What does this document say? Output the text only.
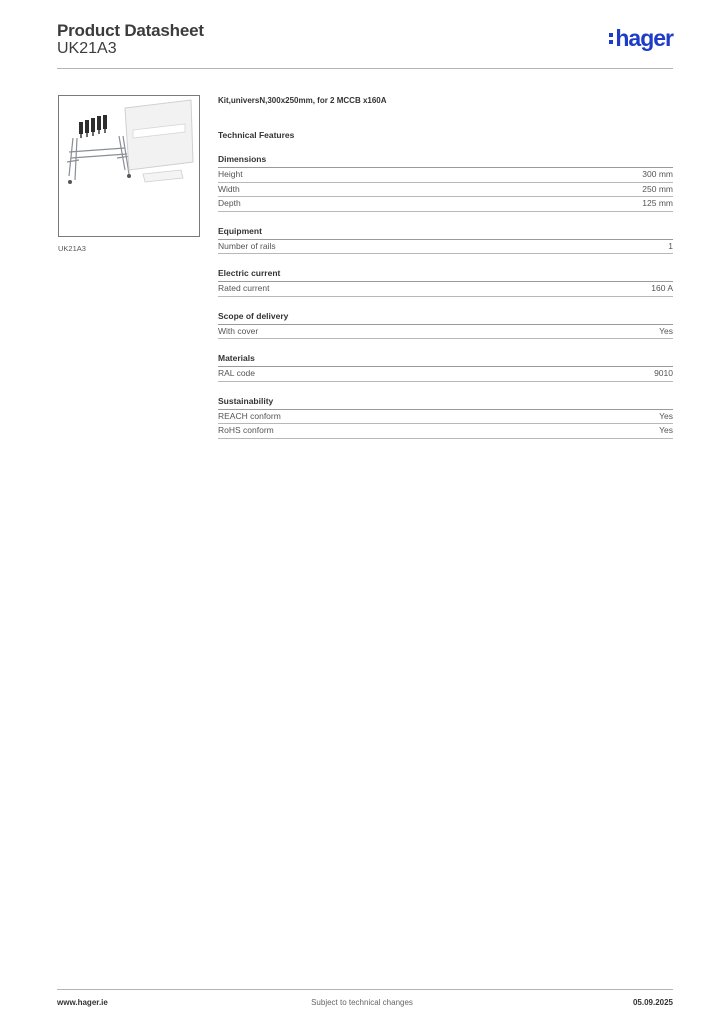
Product Datasheet
UK21A3	hager
UK21A3

Kit,universN,300x250mm, for 2 MCCB x160A

Technical Features
Dimensions
Height	300 mm
Width	250 mm
Depth	125 mm
Equipment
Number of rails	1
Electric current
Rated current	160 A
Scope of delivery
With cover	Yes
Materials
RAL code	9010
Sustainability
REACH conform	Yes
RoHS conform	Yes
www.hager.ie	Subject to technical changes	05.09.2025
